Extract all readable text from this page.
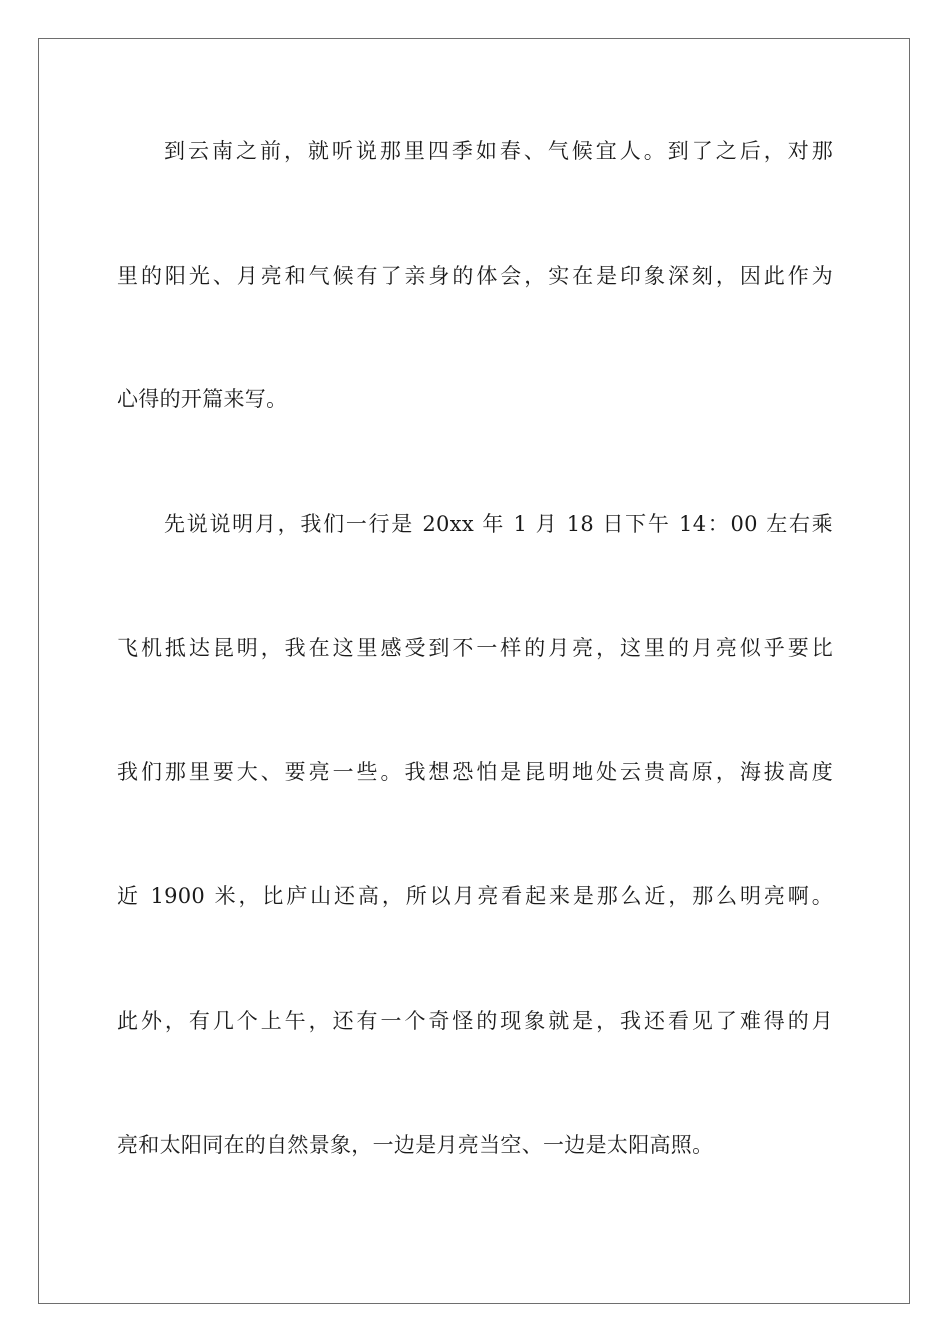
到云南之前，就听说那里四季如春、气候宜人。到了之后，对那
里的阳光、月亮和气候有了亲身的体会，实在是印象深刻，因此作为
心得的开篇来写。
先说说明月，我们一行是 20xx 年 1 月 18 日下午 14：00 左右乘
飞机抵达昆明，我在这里感受到不一样的月亮，这里的月亮似乎要比
我们那里要大、要亮一些。我想恐怕是昆明地处云贵高原，海拔高度
近 1900 米，比庐山还高，所以月亮看起来是那么近，那么明亮啊。
此外，有几个上午，还有一个奇怪的现象就是，我还看见了难得的月
亮和太阳同在的自然景象，一边是月亮当空、一边是太阳高照。
